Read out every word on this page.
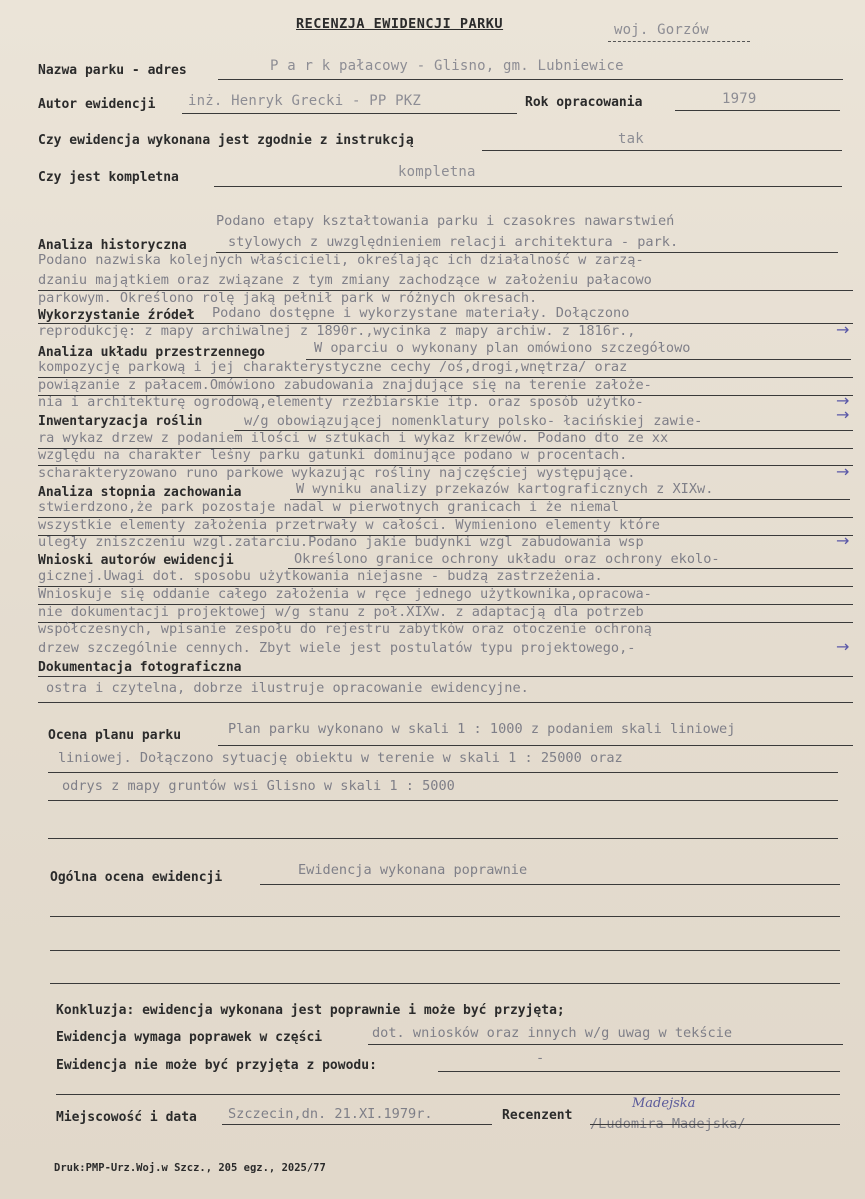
RECENZJA EWIDENCJI PARKU	woj. Gorzów
Nazwa parku - adres	P a r k pałacowy - Glisno, gm. Lubniewice
Autor ewidencji inż. Henryk Grecki - PP PKZ	Rok opracowania	1979
Czy ewidencja wykonana jest zgodnie z instrukcją	tak
Czy jest kompletna	kompletna
Podano etapy kształtowania parku i czasokres nawarstwień
Analiza historyczna	stylowych z uwzględnieniem relacji architektura - park.
Podano nazwiska kolejnych właścicieli, określając ich działalność w zarzą-
dzaniu majątkiem oraz związane z tym zmiany zachodzące w założeniu pałacowo
parkowym. Określono rolę jaką pełnił park w różnych okresach.
Wykorzystanie źródeł Podano dostępne i wykorzystane materiały. Dołączono
reprodukcję: z mapy archiwalnej z 1890r.,wycinka z mapy archiw. z 1816r.,	→
Analiza układu przestrzennego	W oparciu o wykonany plan omówiono szczegółowo
kompozycję parkową i jej charakterystyczne cechy /oś,drogi,wnętrza/ oraz
powiązanie z pałacem.Omówiono zabudowania znajdujące się na terenie założe-
nia i architekturę ogrodową,elementy rzeźbiarskie itp. oraz sposób użytko-	→
Inwentaryzacja roślin	w/g obowiązującej nomenklatury polsko- łacińskiej zawie-	→
ra wykaz drzew z podaniem ilości w sztukach i wykaz krzewów. Podano dto ze xx
względu na charakter leśny parku gatunki dominujące podano w procentach.
scharakteryzowano runo parkowe wykazując rośliny najczęściej występujące.	→
Analiza stopnia zachowania	W wyniku analizy przekazów kartograficznych z XIXw.
stwierdzono,że park pozostaje nadal w pierwotnych granicach i że niemal
wszystkie elementy założenia przetrwały w całości. Wymieniono elementy które
uległy zniszczeniu wzgl.zatarciu.Podano jakie budynki wzgl zabudowania wsp	→
Wnioski autorów ewidencji	Określono granice ochrony układu oraz ochrony ekolo-
gicznej.Uwagi dot. sposobu użytkowania niejasne - budzą zastrzeżenia.
Wnioskuje się oddanie całego założenia w ręce jednego użytkownika,opracowa-
nie dokumentacji projektowej w/g stanu z poł.XIXw. z adaptacją dla potrzeb
współczesnych, wpisanie zespołu do rejestru zabytków oraz otoczenie ochroną
drzew szczególnie cennych. Zbyt wiele jest postulatów typu projektowego,-	→
Dokumentacja fotograficzna
ostra i czytelna, dobrze ilustruje opracowanie ewidencyjne.
Ocena planu parku	Plan parku wykonano w skali 1 : 1000 z podaniem skali liniowej
liniowej. Dołączono sytuację obiektu w terenie w skali 1 : 25000 oraz
odrys z mapy gruntów wsi Glisno w skali 1 : 5000
Ogólna ocena ewidencji	Ewidencja wykonana poprawnie
Konkluzja: ewidencja wykonana jest poprawnie i może być przyjęta;
Ewidencja wymaga poprawek w części	dot. wniosków oraz innych w/g uwag w tekście
Ewidencja nie może być przyjęta z powodu:	-
Miejscowość i data Szczecin,dn. 21.XI.1979r.	Recenzent
Madejska
/Ludomira Madejska/
Druk:PMP-Urz.Woj.w Szcz., 205 egz., 2025/77
